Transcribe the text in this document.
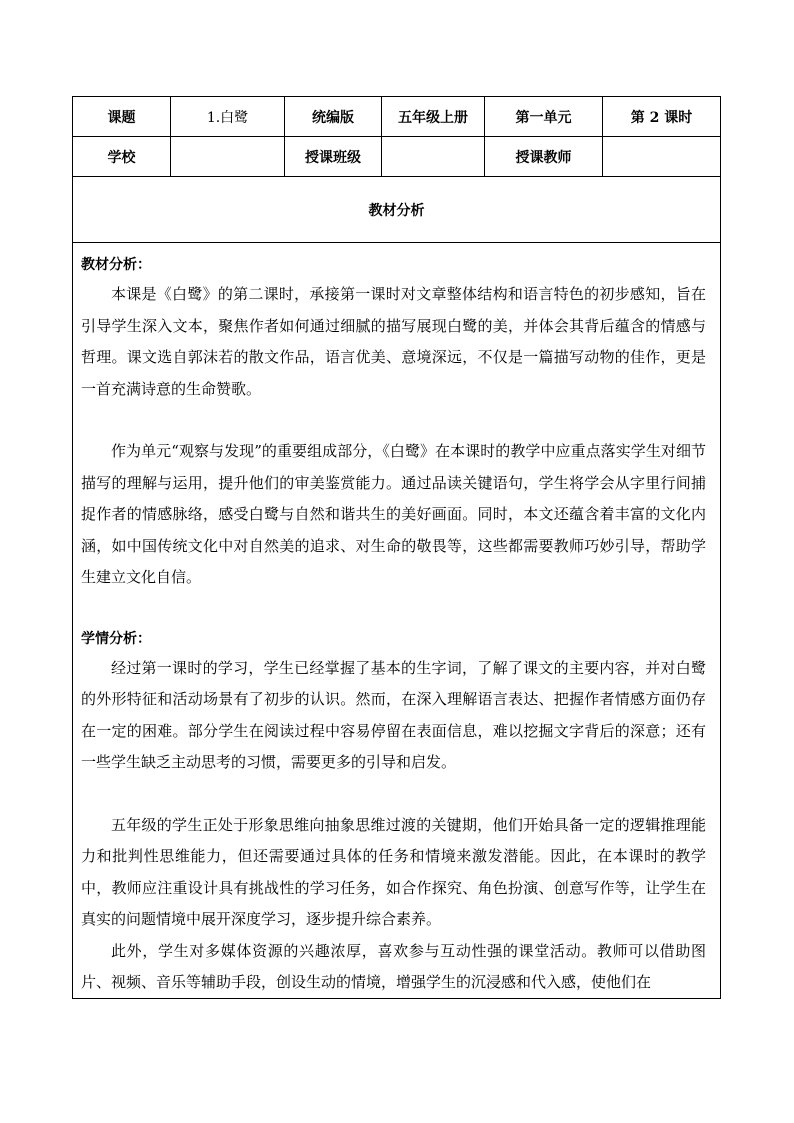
课题	1.白鹭	统编版	五年级上册	第一单元	第 2 课时
学校	授课班级	授课教师
教材分析

教材分析：

本课是《白鹭》的第二课时，承接第一课时对文章整体结构和语言特色的初步感知，旨在引导学生深入文本，聚焦作者如何通过细腻的描写展现白鹭的美，并体会其背后蕴含的情感与哲理。课文选自郭沫若的散文作品，语言优美、意境深远，不仅是一篇描写动物的佳作，更是一首充满诗意的生命赞歌。

作为单元“观察与发现”的重要组成部分，《白鹭》在本课时的教学中应重点落实学生对细节描写的理解与运用，提升他们的审美鉴赏能力。通过品读关键语句，学生将学会从字里行间捕捉作者的情感脉络，感受白鹭与自然和谐共生的美好画面。同时，本文还蕴含着丰富的文化内涵，如中国传统文化中对自然美的追求、对生命的敬畏等，这些都需要教师巧妙引导，帮助学生建立文化自信。

学情分析：

经过第一课时的学习，学生已经掌握了基本的生字词，了解了课文的主要内容，并对白鹭的外形特征和活动场景有了初步的认识。然而，在深入理解语言表达、把握作者情感方面仍存在一定的困难。部分学生在阅读过程中容易停留在表面信息，难以挖掘文字背后的深意；还有一些学生缺乏主动思考的习惯，需要更多的引导和启发。

五年级的学生正处于形象思维向抽象思维过渡的关键期，他们开始具备一定的逻辑推理能力和批判性思维能力，但还需要通过具体的任务和情境来激发潜能。因此，在本课时的教学中，教师应注重设计具有挑战性的学习任务，如合作探究、角色扮演、创意写作等，让学生在真实的问题情境中展开深度学习，逐步提升综合素养。

此外，学生对多媒体资源的兴趣浓厚，喜欢参与互动性强的课堂活动。教师可以借助图片、视频、音乐等辅助手段，创设生动的情境，增强学生的沉浸感和代入感，使他们在
